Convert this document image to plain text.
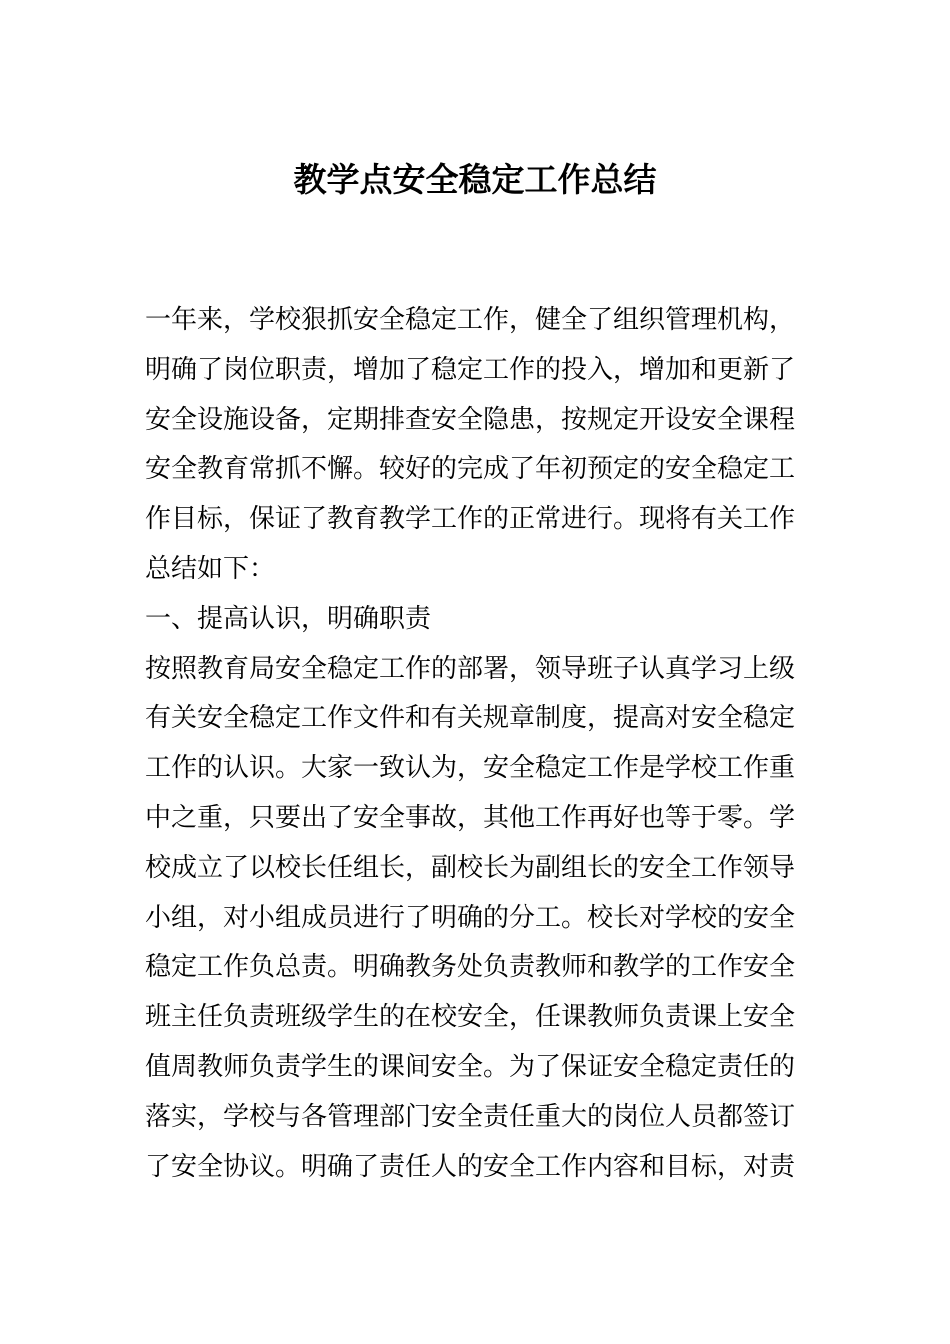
教学点安全稳定工作总结
一年来，学校狠抓安全稳定工作，健全了组织管理机构，
明确了岗位职责，增加了稳定工作的投入，增加和更新了
安全设施设备，定期排查安全隐患，按规定开设安全课程
安全教育常抓不懈。较好的完成了年初预定的安全稳定工
作目标，保证了教育教学工作的正常进行。现将有关工作
总结如下：
一、提高认识，明确职责
按照教育局安全稳定工作的部署，领导班子认真学习上级
有关安全稳定工作文件和有关规章制度，提高对安全稳定
工作的认识。大家一致认为，安全稳定工作是学校工作重
中之重，只要出了安全事故，其他工作再好也等于零。学
校成立了以校长任组长，副校长为副组长的安全工作领导
小组，对小组成员进行了明确的分工。校长对学校的安全
稳定工作负总责。明确教务处负责教师和教学的工作安全
班主任负责班级学生的在校安全，任课教师负责课上安全
值周教师负责学生的课间安全。为了保证安全稳定责任的
落实，学校与各管理部门安全责任重大的岗位人员都签订
了安全协议。明确了责任人的安全工作内容和目标，对责
